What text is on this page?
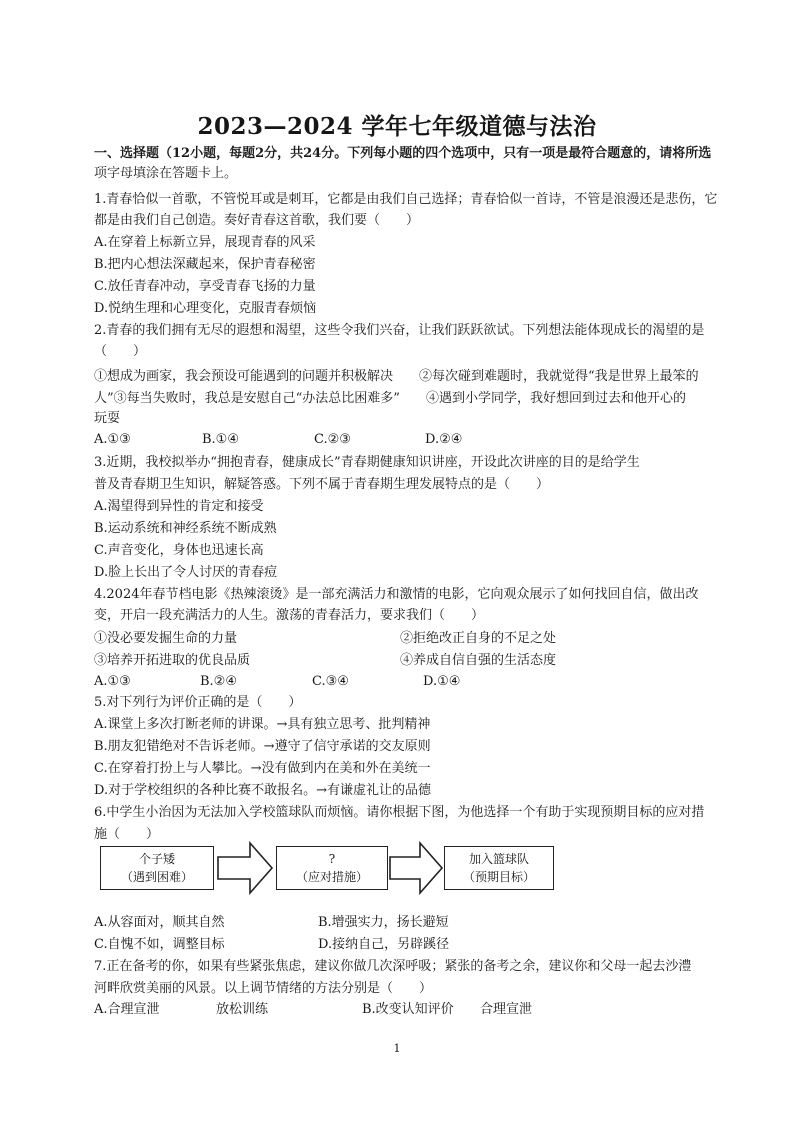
2023—2024 学年七年级道德与法治
一、选择题（12小题，每题2分，共24分。下列每小题的四个选项中，只有一项是最符合题意的，请将所选
项字母填涂在答题卡上。
1.青春恰似一首歌，不管悦耳或是刺耳，它都是由我们自己选择；青春恰似一首诗，不管是浪漫还是悲伤，它
都是由我们自己创造。奏好青春这首歌，我们要（　　）
A.在穿着上标新立异，展现青春的风采
B.把内心想法深藏起来，保护青春秘密
C.放任青春冲动，享受青春飞扬的力量
D.悦纳生理和心理变化，克服青春烦恼
2.青春的我们拥有无尽的遐想和渴望，这些令我们兴奋，让我们跃跃欲试。下列想法能体现成长的渴望的是
（　　）
①想成为画家，我会预设可能遇到的问题并积极解决　　②每次碰到难题时，我就觉得“我是世界上最笨的
人”③每当失败时，我总是安慰自己“办法总比困难多”　　④遇到小学同学，我好想回到过去和他开心的
玩耍
A.①③	B.①④	C.②③	D.②④
3.近期，我校拟举办“拥抱青春，健康成长”青春期健康知识讲座，开设此次讲座的目的是给学生
普及青春期卫生知识，解疑答惑。下列不属于青春期生理发展特点的是（　　）
A.渴望得到异性的肯定和接受
B.运动系统和神经系统不断成熟
C.声音变化，身体也迅速长高
D.脸上长出了令人讨厌的青春痘
4.2024年春节档电影《热辣滚烫》是一部充满活力和激情的电影，它向观众展示了如何找回自信，做出改
变，开启一段充满活力的人生。激荡的青春活力，要求我们（　　）
①没必要发掘生命的力量	②拒绝改正自身的不足之处
③培养开拓进取的优良品质	④养成自信自强的生活态度
A.①③	B.②④	C.③④	D.①④
5.对下列行为评价正确的是（　　）
A.课堂上多次打断老师的讲课。→具有独立思考、批判精神
B.朋友犯错绝对不告诉老师。→遵守了信守承诺的交友原则
C.在穿着打扮上与人攀比。→没有做到内在美和外在美统一
D.对于学校组织的各种比赛不敢报名。→有谦虚礼让的品德
6.中学生小治因为无法加入学校篮球队而烦恼。请你根据下图，为他选择一个有助于实现预期目标的应对措
施（　　）
个子矮
（遇到困难）
?
（应对措施）
加入篮球队
（预期目标）
A.从容面对，顺其自然	B.增强实力，扬长避短
C.自愧不如，调整目标	D.接纳自己，另辟蹊径
7.正在备考的你，如果有些紧张焦虑，建议你做几次深呼吸；紧张的备考之余，建议你和父母一起去沙澧
河畔欣赏美丽的风景。以上调节情绪的方法分别是（　　）
A.合理宣泄	放松训练	B.改变认知评价 合理宣泄
1
